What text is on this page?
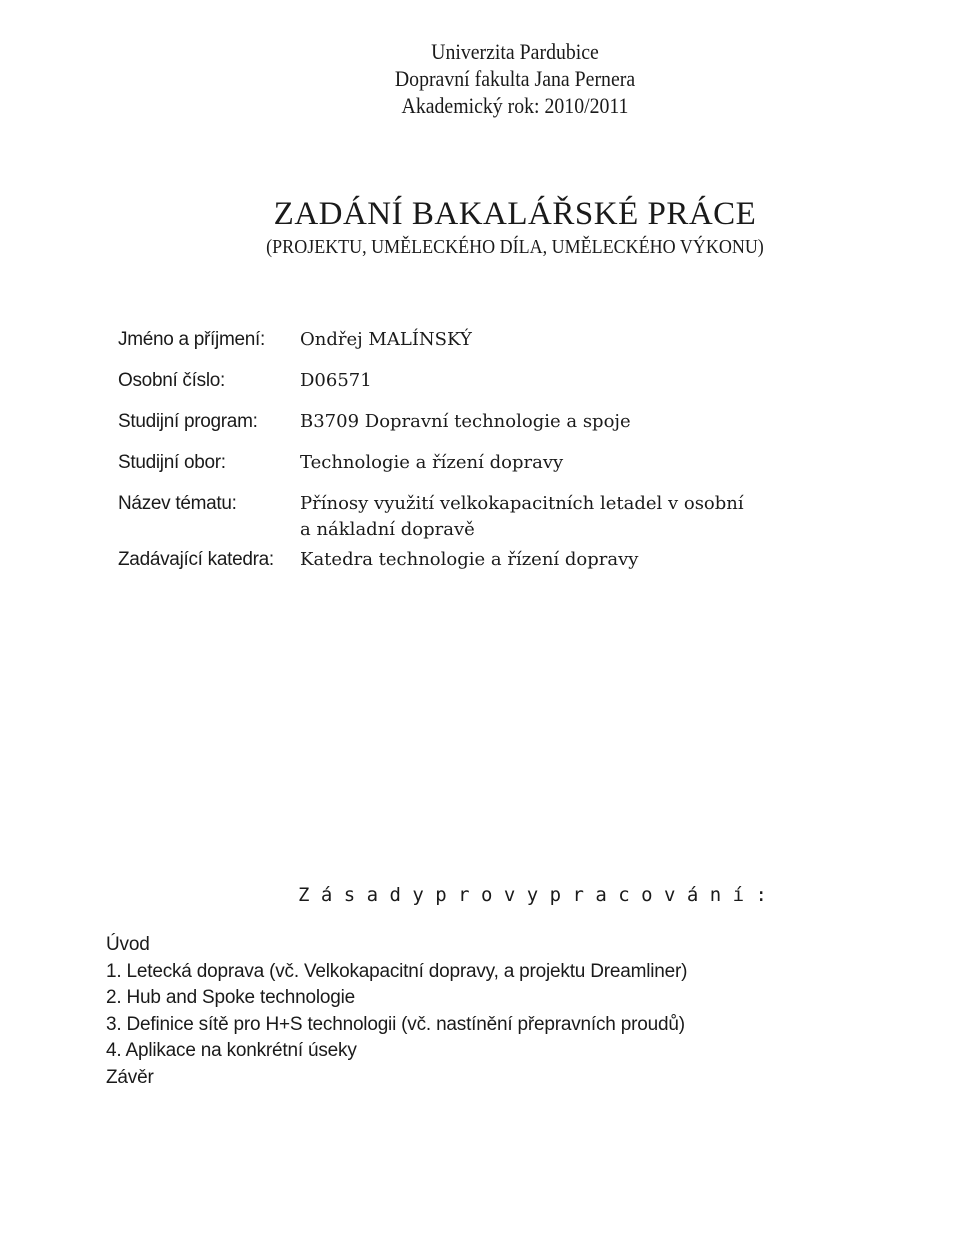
Univerzita Pardubice
Dopravní fakulta Jana Pernera
Akademický rok: 2010/2011
ZADÁNÍ BAKALÁŘSKÉ PRÁCE
(PROJEKTU, UMĚLECKÉHO DÍLA, UMĚLECKÉHO VÝKONU)
Jméno a příjmení: Ondřej MALÍNSKÝ
Osobní číslo:	D06571
Studijní program: B3709 Dopravní technologie a spoje
Studijní obor:	Technologie a řízení dopravy
Název tématu:	Přínosy využití velkokapacitních letadel v osobní
a nákladní dopravě
Zadávající katedra: Katedra technologie a řízení dopravy
Z á s a d y p r o v y p r a c o v á n í :
Úvod
1. Letecká doprava (vč. Velkokapacitní dopravy, a projektu Dreamliner)
2. Hub and Spoke technologie
3. Definice sítě pro H+S technologii (vč. nastínění přepravních proudů)
4. Aplikace na konkrétní úseky
Závěr
